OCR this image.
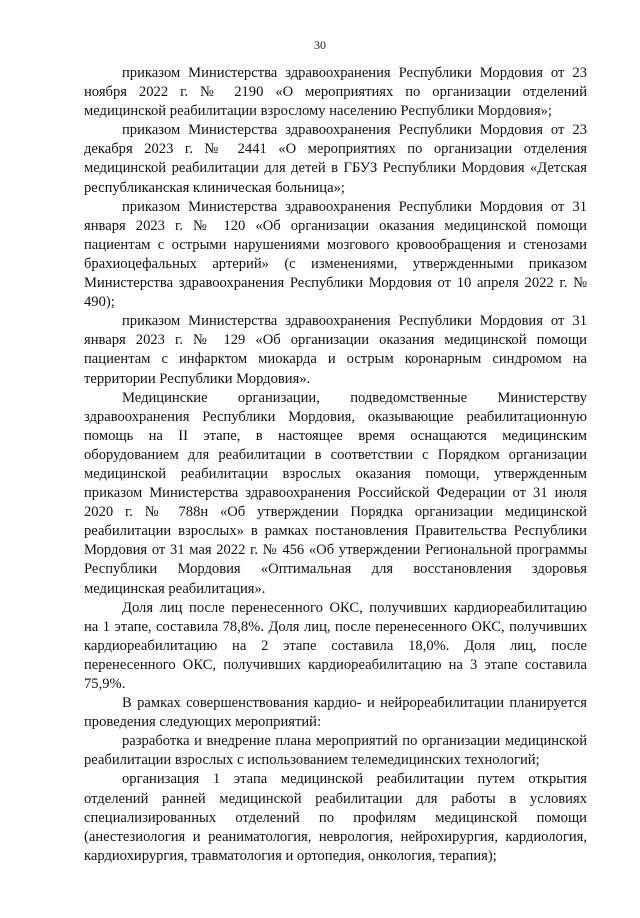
30

приказом Министерства здравоохранения Республики Мордовия от 23 ноября 2022 г. № 2190 «О мероприятиях по организации отделений медицинской реабилитации взрослому населению Республики Мордовия»;

приказом Министерства здравоохранения Республики Мордовия от 23 декабря 2023 г. № 2441 «О мероприятиях по организации отделения медицинской реабилитации для детей в ГБУЗ Республики Мордовия «Детская республиканская клиническая больница»;

приказом Министерства здравоохранения Республики Мордовия от 31 января 2023 г. № 120 «Об организации оказания медицинской помощи пациентам с острыми нарушениями мозгового кровообращения и стенозами брахиоцефальных артерий» (с изменениями, утвержденными приказом Министерства здравоохранения Республики Мордовия от 10 апреля 2022 г. № 490);

приказом Министерства здравоохранения Республики Мордовия от 31 января 2023 г. № 129 «Об организации оказания медицинской помощи пациентам с инфарктом миокарда и острым коронарным синдромом на территории Республики Мордовия».

Медицинские организации, подведомственные Министерству здравоохранения Республики Мордовия, оказывающие реабилитационную помощь на II этапе, в настоящее время оснащаются медицинским оборудованием для реабилитации в соответствии с Порядком организации медицинской реабилитации взрослых оказания помощи, утвержденным приказом Министерства здравоохранения Российской Федерации от 31 июля 2020 г. № 788н «Об утверждении Порядка организации медицинской реабилитации взрослых» в рамках постановления Правительства Республики Мордовия от 31 мая 2022 г. № 456 «Об утверждении Региональной программы Республики Мордовия «Оптимальная для восстановления здоровья медицинская реабилитация».

Доля лиц после перенесенного ОКС, получивших кардиореабилитацию на 1 этапе, составила 78,8%. Доля лиц, после перенесенного ОКС, получивших кардиореабилитацию на 2 этапе составила 18,0%. Доля лиц, после перенесенного ОКС, получивших кардиореабилитацию на 3 этапе составила 75,9%.

В рамках совершенствования кардио- и нейрореабилитации планируется проведения следующих мероприятий:

разработка и внедрение плана мероприятий по организации медицинской реабилитации взрослых с использованием телемедицинских технологий;

организация 1 этапа медицинской реабилитации путем открытия отделений ранней медицинской реабилитации для работы в условиях специализированных отделений по профилям медицинской помощи (анестезиология и реаниматология, неврология, нейрохирургия, кардиология, кардиохирургия, травматология и ортопедия, онкология, терапия);
